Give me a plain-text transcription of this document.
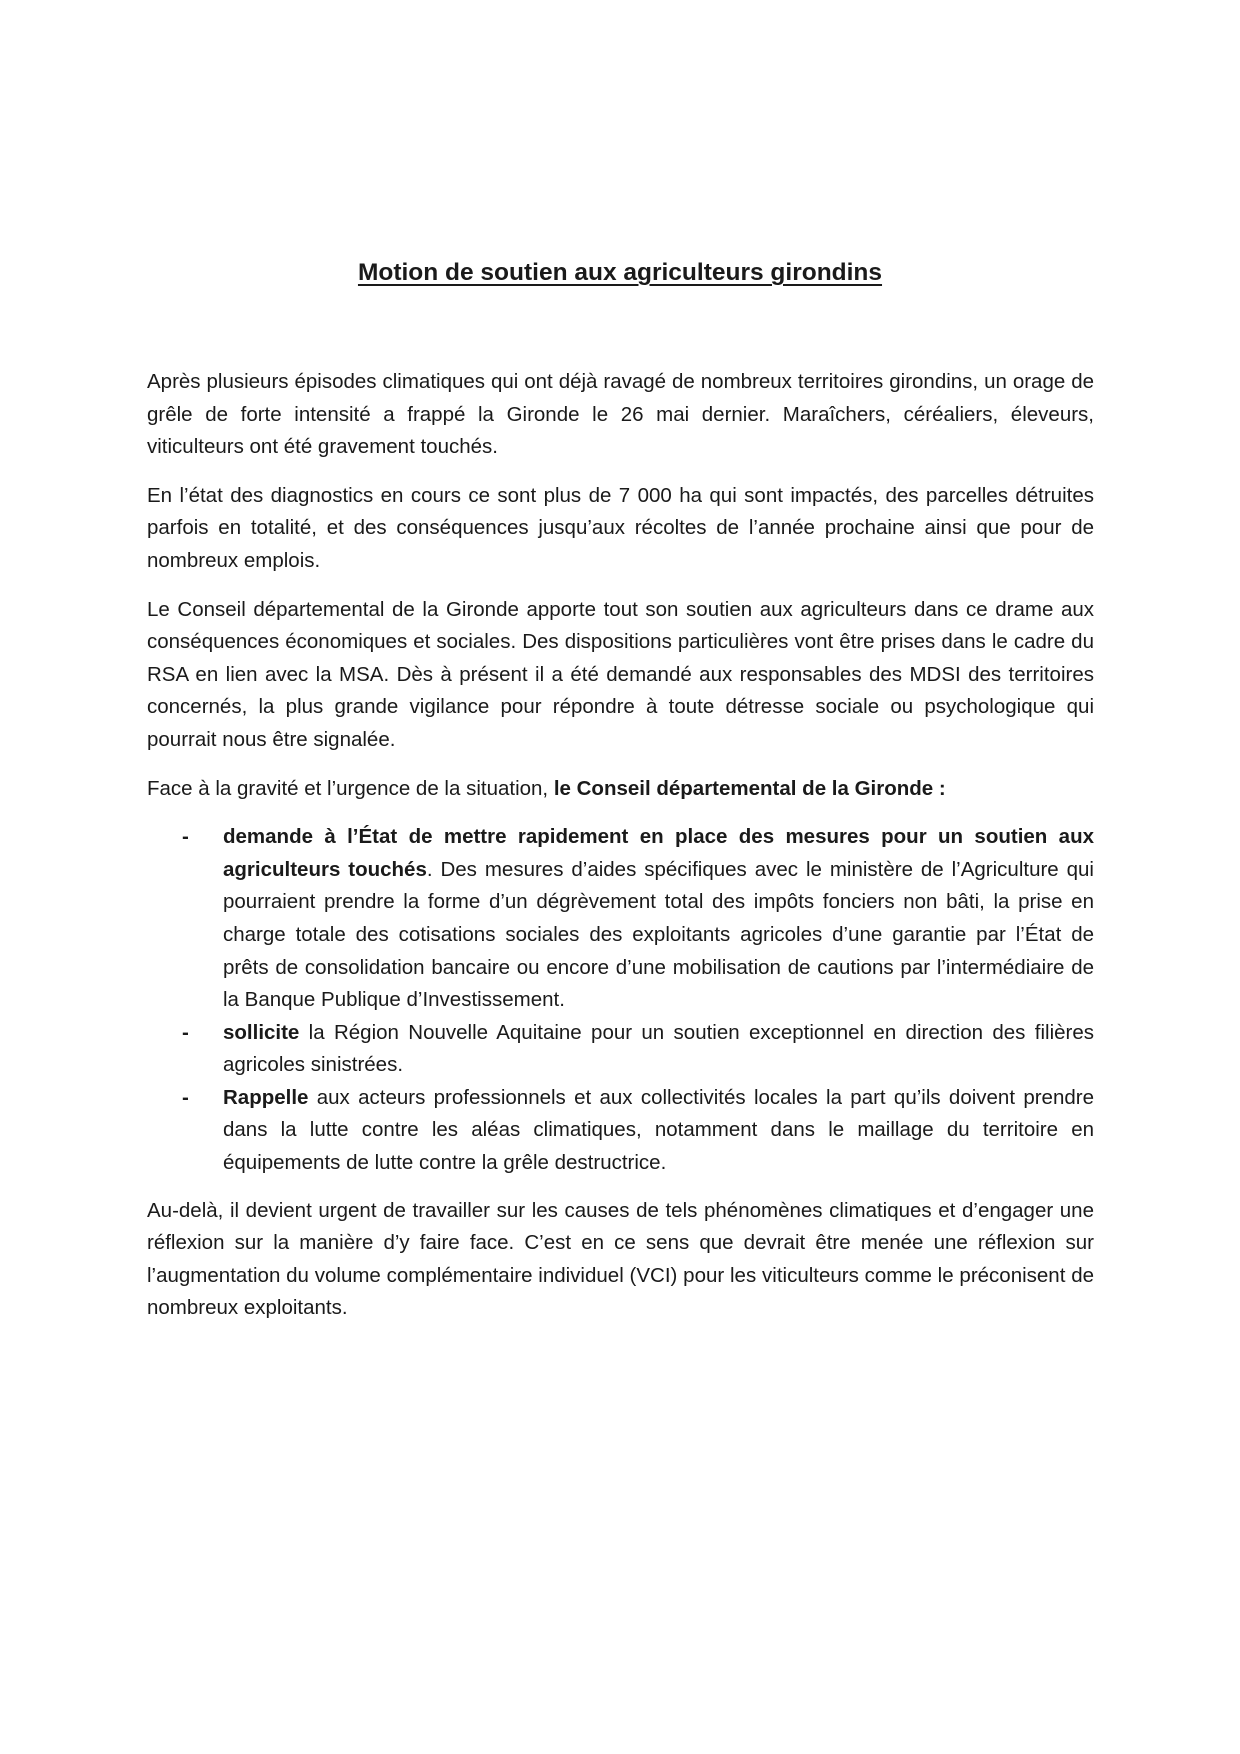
Motion de soutien aux agriculteurs girondins

Après plusieurs épisodes climatiques qui ont déjà ravagé de nombreux territoires girondins, un orage de grêle de forte intensité a frappé la Gironde le 26 mai dernier. Maraîchers, céréaliers, éleveurs, viticulteurs ont été gravement touchés.

En l’état des diagnostics en cours ce sont plus de 7 000 ha qui sont impactés, des parcelles détruites parfois en totalité, et des conséquences jusqu’aux récoltes de l’année prochaine ainsi que pour de nombreux emplois.

Le Conseil départemental de la Gironde apporte tout son soutien aux agriculteurs dans ce drame aux conséquences économiques et sociales. Des dispositions particulières vont être prises dans le cadre du RSA en lien avec la MSA. Dès à présent il a été demandé aux responsables des MDSI des territoires concernés, la plus grande vigilance pour répondre à toute détresse sociale ou psychologique qui pourrait nous être signalée.

Face à la gravité et l’urgence de la situation, le Conseil départemental de la Gironde :

- demande à l’État de mettre rapidement en place des mesures pour un soutien aux agriculteurs touchés. Des mesures d’aides spécifiques avec le ministère de l’Agriculture qui pourraient prendre la forme d’un dégrèvement total des impôts fonciers non bâti, la prise en charge totale des cotisations sociales des exploitants agricoles d’une garantie par l’État de prêts de consolidation bancaire ou encore d’une mobilisation de cautions par l’intermédiaire de la Banque Publique d’Investissement.
- sollicite la Région Nouvelle Aquitaine pour un soutien exceptionnel en direction des filières agricoles sinistrées.
- Rappelle aux acteurs professionnels et aux collectivités locales la part qu’ils doivent prendre dans la lutte contre les aléas climatiques, notamment dans le maillage du territoire en équipements de lutte contre la grêle destructrice.

Au-delà, il devient urgent de travailler sur les causes de tels phénomènes climatiques et d’engager une réflexion sur la manière d’y faire face. C’est en ce sens que devrait être menée une réflexion sur l’augmentation du volume complémentaire individuel (VCI) pour les viticulteurs comme le préconisent de nombreux exploitants.
